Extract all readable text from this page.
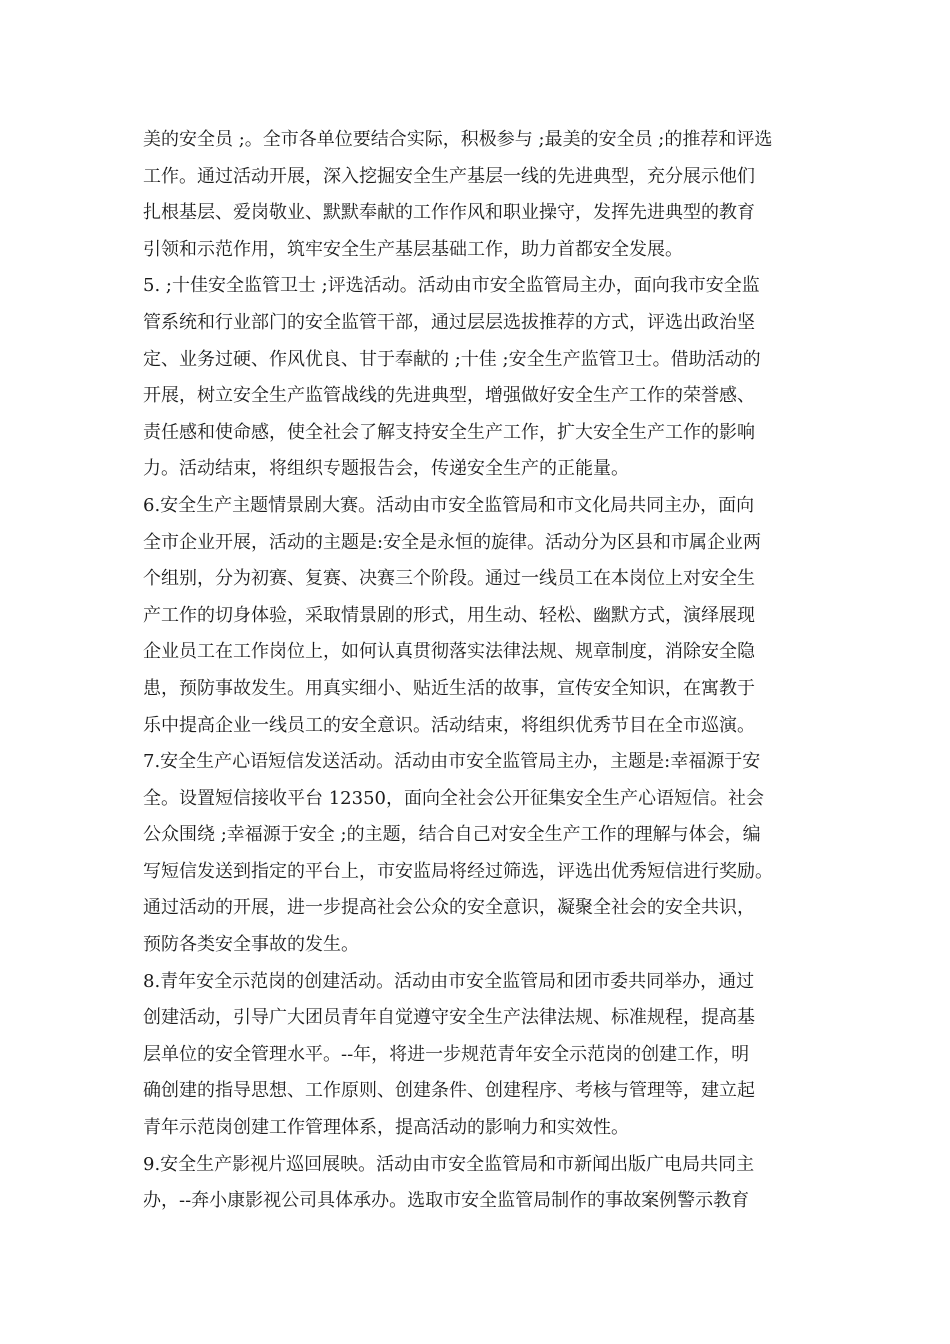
美的安全员 ;。全市各单位要结合实际，积极参与 ;最美的安全员 ;的推荐和评选
工作。通过活动开展，深入挖掘安全生产基层一线的先进典型，充分展示他们
扎根基层、爱岗敬业、默默奉献的工作作风和职业操守，发挥先进典型的教育
引领和示范作用，筑牢安全生产基层基础工作，助力首都安全发展。
5. ;十佳安全监管卫士 ;评选活动。活动由市安全监管局主办，面向我市安全监
管系统和行业部门的安全监管干部，通过层层选拔推荐的方式，评选出政治坚
定、业务过硬、作风优良、甘于奉献的 ;十佳 ;安全生产监管卫士。借助活动的
开展，树立安全生产监管战线的先进典型，增强做好安全生产工作的荣誉感、
责任感和使命感，使全社会了解支持安全生产工作，扩大安全生产工作的影响
力。活动结束，将组织专题报告会，传递安全生产的正能量。
6.安全生产主题情景剧大赛。活动由市安全监管局和市文化局共同主办，面向
全市企业开展，活动的主题是:安全是永恒的旋律。活动分为区县和市属企业两
个组别，分为初赛、复赛、决赛三个阶段。通过一线员工在本岗位上对安全生
产工作的切身体验，采取情景剧的形式，用生动、轻松、幽默方式，演绎展现
企业员工在工作岗位上，如何认真贯彻落实法律法规、规章制度，消除安全隐
患，预防事故发生。用真实细小、贴近生活的故事，宣传安全知识，在寓教于
乐中提高企业一线员工的安全意识。活动结束，将组织优秀节目在全市巡演。
7.安全生产心语短信发送活动。活动由市安全监管局主办，主题是:幸福源于安
全。设置短信接收平台 12350，面向全社会公开征集安全生产心语短信。社会
公众围绕 ;幸福源于安全 ;的主题，结合自己对安全生产工作的理解与体会，编
写短信发送到指定的平台上，市安监局将经过筛选，评选出优秀短信进行奖励。
通过活动的开展，进一步提高社会公众的安全意识，凝聚全社会的安全共识，
预防各类安全事故的发生。
8.青年安全示范岗的创建活动。活动由市安全监管局和团市委共同举办，通过
创建活动，引导广大团员青年自觉遵守安全生产法律法规、标准规程，提高基
层单位的安全管理水平。--年，将进一步规范青年安全示范岗的创建工作，明
确创建的指导思想、工作原则、创建条件、创建程序、考核与管理等，建立起
青年示范岗创建工作管理体系，提高活动的影响力和实效性。
9.安全生产影视片巡回展映。活动由市安全监管局和市新闻出版广电局共同主
办，--奔小康影视公司具体承办。选取市安全监管局制作的事故案例警示教育
